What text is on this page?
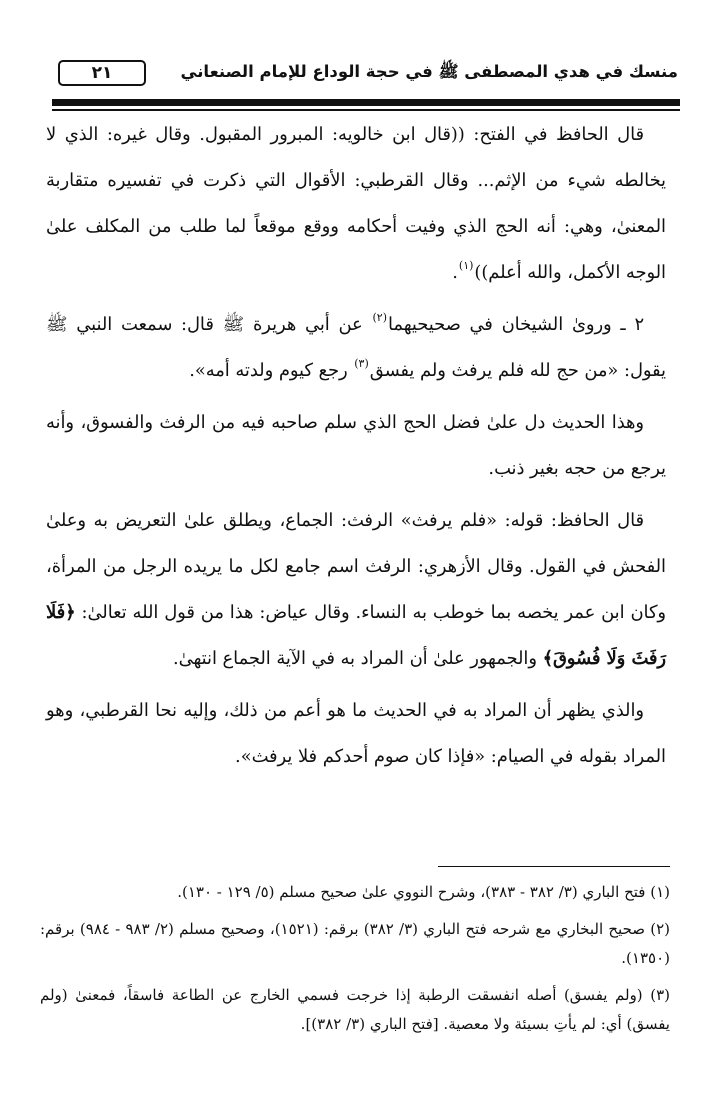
منسك في هدي المصطفى ﷺ في حجة الوداع للإمام الصنعاني
٢١

قال الحافظ في الفتح: ((قال ابن خالويه: المبرور المقبول. وقال غيره: الذي لا يخالطه شيء من الإثم... وقال القرطبي: الأقوال التي ذكرت في تفسيره متقاربة المعنىٰ، وهي: أنه الحج الذي وفيت أحكامه ووقع موقعاً لما طلب من المكلف علىٰ الوجه الأكمل، والله أعلم))$^{(١)}$.

٢ ـ وروىٰ الشيخان في صحيحيهما$^{(٢)}$ عن أبي هريرة ﷺ قال: سمعت النبي ﷺ يقول: «من حج لله فلم يرفث ولم يفسق$^{(٣)}$ رجع كيوم ولدته أمه».

وهذا الحديث دل علىٰ فضل الحج الذي سلم صاحبه فيه من الرفث والفسوق، وأنه يرجع من حجه بغير ذنب.

قال الحافظ: قوله: «فلم يرفث» الرفث: الجماع، ويطلق علىٰ التعريض به وعلىٰ الفحش في القول. وقال الأزهري: الرفث اسم جامع لكل ما يريده الرجل من المرأة، وكان ابن عمر يخصه بما خوطب به النساء. وقال عياض: هذا من قول الله تعالىٰ: ﴿فَلَا رَفَثَ وَلَا فُسُوقَ﴾ والجمهور علىٰ أن المراد به في الآية الجماع انتهىٰ.

والذي يظهر أن المراد به في الحديث ما هو أعم من ذلك، وإليه نحا القرطبي، وهو المراد بقوله في الصيام: «فإذا كان صوم أحدكم فلا يرفث».

(١) فتح الباري (٣/ ٣٨٢ - ٣٨٣)، وشرح النووي علىٰ صحيح مسلم (٥/ ١٢٩ - ١٣٠).

(٢) صحيح البخاري مع شرحه فتح الباري (٣/ ٣٨٢) برقم: (١٥٢١)، وصحيح مسلم (٢/ ٩٨٣ - ٩٨٤) برقم: (١٣٥٠).

(٣) (ولم يفسق) أصله انفسقت الرطبة إذا خرجت فسمي الخارج عن الطاعة فاسقاً، فمعنىٰ (ولم يفسق) أي: لم يأتِ بسيئة ولا معصية. [فتح الباري (٣/ ٣٨٢)].
